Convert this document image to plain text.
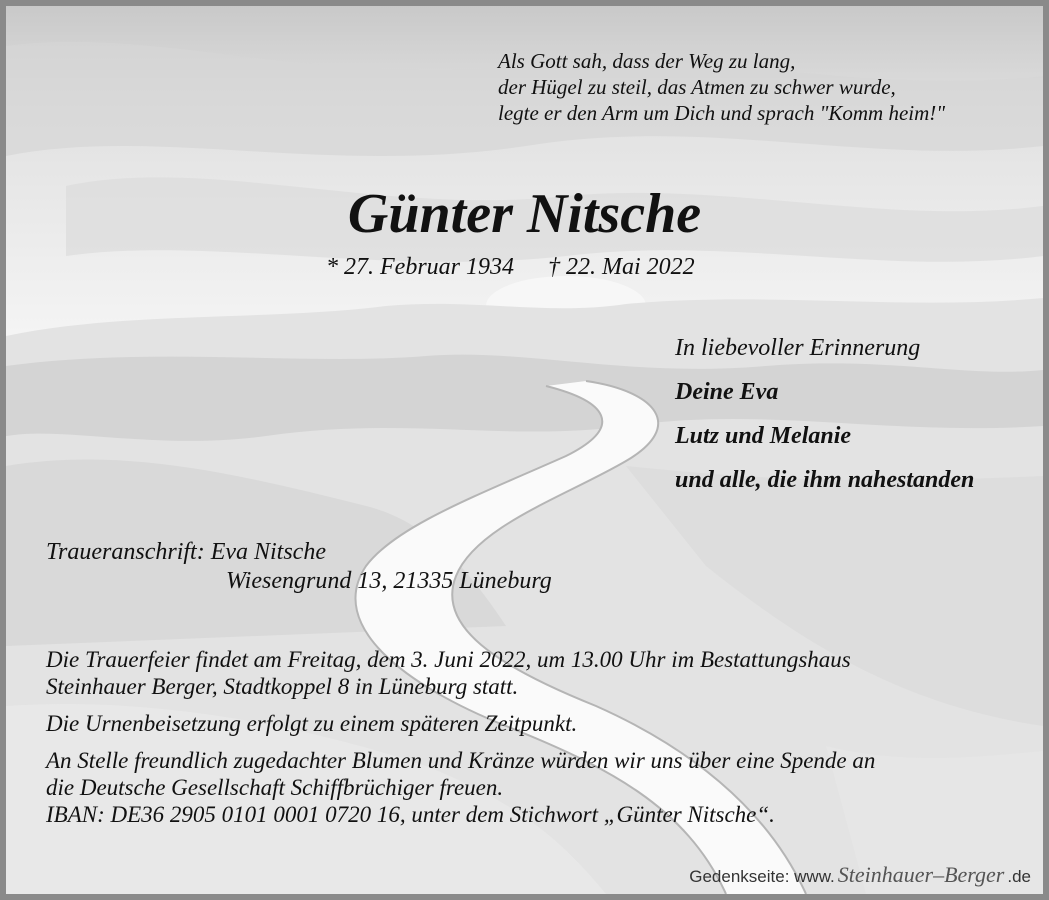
Als Gott sah, dass der Weg zu lang,
der Hügel zu steil, das Atmen zu schwer wurde,
legte er den Arm um Dich und sprach "Komm heim!"
Günter Nitsche
* 27. Februar 1934 † 22. Mai 2022
In liebevoller Erinnerung
Deine Eva
Lutz und Melanie
und alle, die ihm nahestanden
Traueranschrift: Eva Nitsche
Wiesengrund 13, 21335 Lüneburg

Die Trauerfeier findet am Freitag, dem 3. Juni 2022, um 13.00 Uhr im Bestattungshaus
Steinhauer Berger, Stadtkoppel 8 in Lüneburg statt.

Die Urnenbeisetzung erfolgt zu einem späteren Zeitpunkt.

An Stelle freundlich zugedachter Blumen und Kränze würden wir uns über eine Spende an
die Deutsche Gesellschaft Schiffbrüchiger freuen.
IBAN: DE36 2905 0101 0001 0720 16, unter dem Stichwort „Günter Nitsche“.

Gedenkseite: www. Steinhauer–Berger .de
